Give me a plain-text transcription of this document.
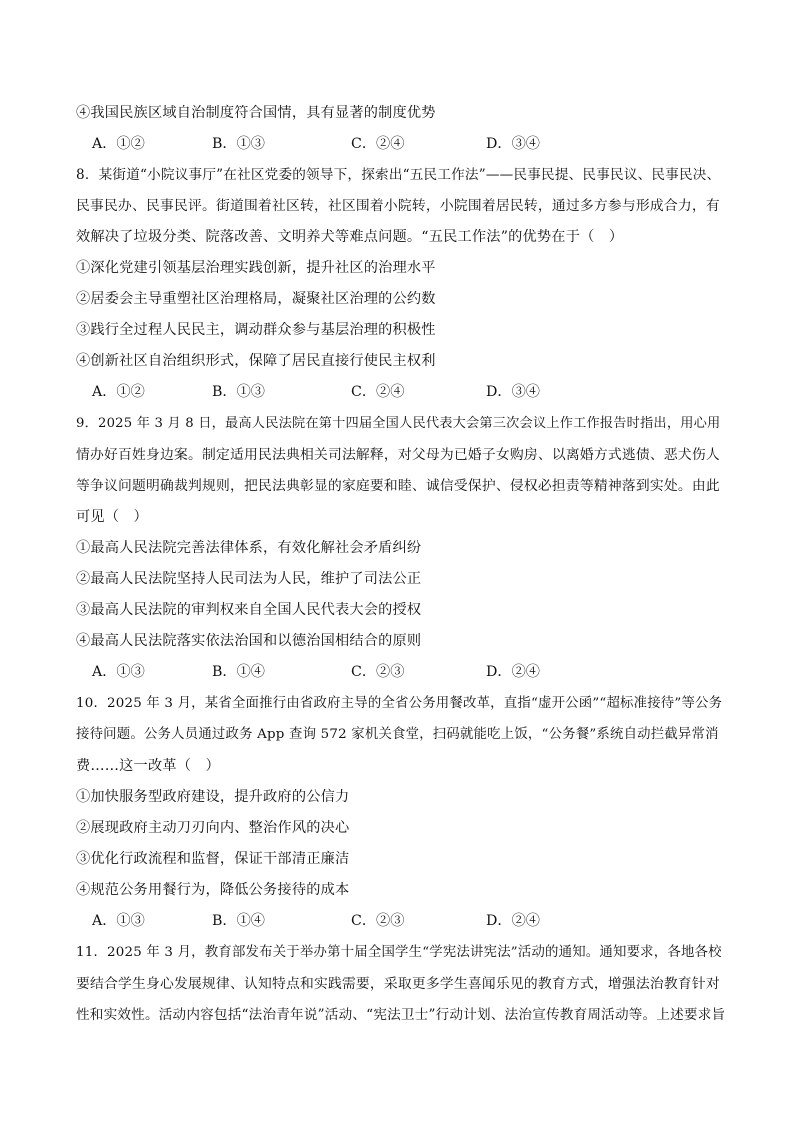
④我国民族区域自治制度符合国情，具有显著的制度优势
A．①②	B．①③	C．②④	D．③④
8．某街道“小院议事厅”在社区党委的领导下，探索出“五民工作法”——民事民提、民事民议、民事民决、
民事民办、民事民评。街道围着社区转，社区围着小院转，小院围着居民转，通过多方参与形成合力，有
效解决了垃圾分类、院落改善、文明养犬等难点问题。“五民工作法”的优势在于（　）
①深化党建引领基层治理实践创新，提升社区的治理水平
②居委会主导重塑社区治理格局，凝聚社区治理的公约数
③践行全过程人民民主，调动群众参与基层治理的积极性
④创新社区自治组织形式，保障了居民直接行使民主权利
A．①②	B．①③	C．②④	D．③④
9．2025 年 3 月 8 日，最高人民法院在第十四届全国人民代表大会第三次会议上作工作报告时指出，用心用
情办好百姓身边案。制定适用民法典相关司法解释，对父母为已婚子女购房、以离婚方式逃债、恶犬伤人
等争议问题明确裁判规则，把民法典彰显的家庭要和睦、诚信受保护、侵权必担责等精神落到实处。由此
可见（　）
①最高人民法院完善法律体系，有效化解社会矛盾纠纷
②最高人民法院坚持人民司法为人民，维护了司法公正
③最高人民法院的审判权来自全国人民代表大会的授权
④最高人民法院落实依法治国和以德治国相结合的原则
A．①③	B．①④	C．②③	D．②④
10．2025 年 3 月，某省全面推行由省政府主导的全省公务用餐改革，直指“虚开公函”“超标准接待”等公务
接待问题。公务人员通过政务 App 查询 572 家机关食堂，扫码就能吃上饭，“公务餐”系统自动拦截异常消
费……这一改革（　）
①加快服务型政府建设，提升政府的公信力
②展现政府主动刀刃向内、整治作风的决心
③优化行政流程和监督，保证干部清正廉洁
④规范公务用餐行为，降低公务接待的成本
A．①③	B．①④	C．②③	D．②④
11．2025 年 3 月，教育部发布关于举办第十届全国学生“学宪法讲宪法”活动的通知。通知要求，各地各校
要结合学生身心发展规律、认知特点和实践需要，采取更多学生喜闻乐见的教育方式，增强法治教育针对
性和实效性。活动内容包括“法治青年说”活动、“宪法卫士”行动计划、法治宣传教育周活动等。上述要求旨
